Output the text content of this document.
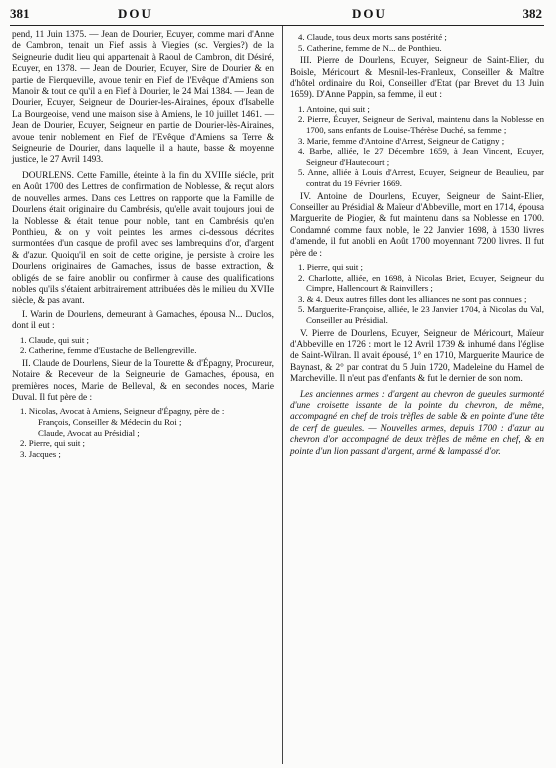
381	DOU	DOU	382

pend, 11 Juin 1375. — Jean de Dourier, Ecuyer, comme mari d'Anne de Cambron, tenait un Fief assis à Viegies (sc. Vergies?) de la Seigneurie dudit lieu qui appartenait à Raoul de Cambron, dit Désiré, Ecuyer, en 1378. — Jean de Dourier, Ecuyer, Sire de Dourier & en partie de Fierqueville, avoue tenir en Fief de l'Evêque d'Amiens son Manoir & tout ce qu'il a en Fief à Dourier, le 24 Mai 1384. — Jean de Dourier, Ecuyer, Seigneur de Dourier-les-Airaines, époux d'Isabelle La Bourgeoise, vend une maison sise à Amiens, le 10 juillet 1461. — Jean de Dourier, Ecuyer, Seigneur en partie de Dourier-lès-Airaines, avoue tenir noblement en Fief de l'Evêque d'Amiens sa Terre & Seigneurie de Dourier, dans laquelle il a haute, basse & moyenne justice, le 27 Avril 1493.

DOURLENS. Cette Famille, éteinte à la fin du XVIIIe siécle, prit en Août 1700 des Lettres de confirmation de Noblesse, & reçut alors de nouvelles armes. Dans ces Lettres on rapporte que la Famille de Dourlens était originaire du Cambrésis, qu'elle avait toujours joui de la Noblesse & était tenue pour noble, tant en Cambrésis qu'en Ponthieu, & on y voit peintes les armes ci-dessous décrites surmontées d'un casque de profil avec ses lambrequins d'or, d'argent & d'azur. Quoiqu'il en soit de cette origine, je persiste à croire les Dourlens originaires de Gamaches, issus de basse extraction, & obligés de se faire anoblir ou confirmer à cause des qualifications nobles qu'ils s'étaient arbitrairement attribuées dès le milieu du XVIIe siècle, & pas avant.

I. Warin de Dourlens, demeurant à Gamaches, épousa N... Duclos, dont il eut :

1. Claude, qui suit ;
2. Catherine, femme d'Eustache de Bellengreville.

II. Claude de Dourlens, Sieur de la Tourette & d'Épagny, Procureur, Notaire & Receveur de la Seigneurie de Gamaches, épousa, en premières noces, Marie de Belleval, & en secondes noces, Marie Duval. Il fut père de :

1. Nicolas, Avocat à Amiens, Seigneur d'Épagny, père de :
François, Conseiller & Médecin du Roi ;
Claude, Avocat au Présidial ;
2. Pierre, qui suit ;
3. Jacques ;
4. Claude, tous deux morts sans postérité ;
5. Catherine, femme de N... de Ponthieu.

III. Pierre de Dourlens, Ecuyer, Seigneur de Saint-Elier, du Boisle, Méricourt & Mesnil-les-Franleux, Conseiller & Maître d'hôtel ordinaire du Roi, Conseiller d'Etat (par Brevet du 13 Juin 1659). D'Anne Pappin, sa femme, il eut :

1. Antoine, qui suit ;
2. Pierre, Écuyer, Seigneur de Serival, maintenu dans la Noblesse en 1700, sans enfants de Louise-Thérèse Duché, sa femme ;
3. Marie, femme d'Antoine d'Arrest, Seigneur de Catigny ;
4. Barbe, alliée, le 27 Décembre 1659, à Jean Vincent, Ecuyer, Seigneur d'Hautecourt ;
5. Anne, alliée à Louis d'Arrest, Ecuyer, Seigneur de Beaulieu, par contrat du 19 Février 1669.

IV. Antoine de Dourlens, Ecuyer, Seigneur de Saint-Elier, Conseiller au Présidial & Maïeur d'Abbeville, mort en 1714, épousa Marguerite de Piogier, & fut maintenu dans sa Noblesse en 1700. Condamné comme faux noble, le 22 Janvier 1698, à 1530 livres d'amende, il fut anobli en Août 1700 moyennant 7200 livres. Il fut père de :

1. Pierre, qui suit ;
2. Charlotte, alliée, en 1698, à Nicolas Briet, Ecuyer, Seigneur du Cimpre, Hallencourt & Rainvillers ;
3. & 4. Deux autres filles dont les alliances ne sont pas connues ;
5. Marguerite-Françoise, alliée, le 23 Janvier 1704, à Nicolas du Val, Conseiller au Présidial.

V. Pierre de Dourlens, Ecuyer, Seigneur de Méricourt, Maïeur d'Abbeville en 1726 : mort le 12 Avril 1739 & inhumé dans l'église de Saint-Wilran. Il avait épousé, 1° en 1710, Marguerite Maurice de Baynast, & 2° par contrat du 5 Juin 1720, Madeleine du Hamel de Marcheville. Il n'eut pas d'enfants & fut le dernier de son nom.

Les anciennes armes : d'argent au chevron de gueules surmonté d'une croisette issante de la pointe du chevron, de même, accompagné en chef de trois trèfles de sable & en pointe d'une tête de cerf de gueules. — Nouvelles armes, depuis 1700 : d'azur au chevron d'or accompagné de deux trèfles de même en chef, & en pointe d'un lion passant d'argent, armé & lampassé d'or.
